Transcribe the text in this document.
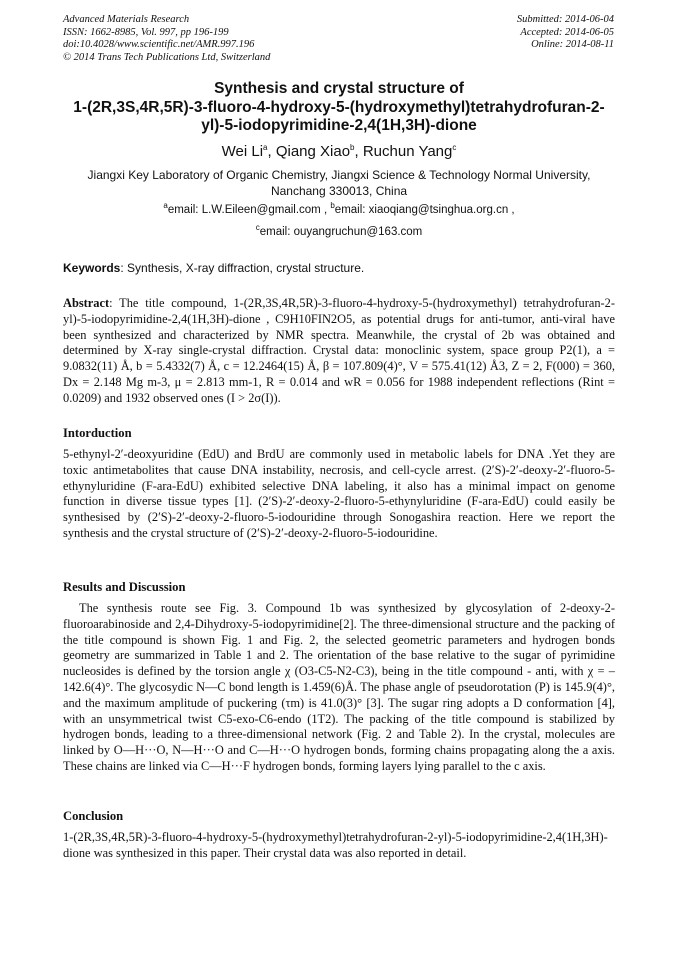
Advanced Materials Research
ISSN: 1662-8985, Vol. 997, pp 196-199
doi:10.4028/www.scientific.net/AMR.997.196
© 2014 Trans Tech Publications Ltd, Switzerland
Submitted: 2014-06-04
Accepted: 2014-06-05
Online: 2014-08-11
Synthesis and crystal structure of
1-(2R,3S,4R,5R)-3-fluoro-4-hydroxy-5-(hydroxymethyl)tetrahydrofuran-2-
yl)-5-iodopyrimidine-2,4(1H,3H)-dione
Wei Li$^a$, Qiang Xiao$^b$, Ruchun Yang$^c$
Jiangxi Key Laboratory of Organic Chemistry, Jiangxi Science & Technology Normal University, Nanchang 330013, China
$^a$email: L.W.Eileen@gmail.com , $^b$email: xiaoqiang@tsinghua.org.cn ,
$^c$email: ouyangruchun@163.com
Keywords: Synthesis, X-ray diffraction, crystal structure.

Abstract: The title compound, 1-(2R,3S,4R,5R)-3-fluoro-4-hydroxy-5-(hydroxymethyl) tetrahydrofuran-2-yl)-5-iodopyrimidine-2,4(1H,3H)-dione , C9H10FIN2O5, as potential drugs for anti-tumor, anti-viral have been synthesized and characterized by NMR spectra. Meanwhile, the crystal of 2b was obtained and determined by X-ray single-crystal diffraction. Crystal data: monoclinic system, space group P2(1), a = 9.0832(11) Å, b = 5.4332(7) Å, c = 12.2464(15) Å, β = 107.809(4)°, V = 575.41(12) Å3, Z = 2, F(000) = 360, Dx = 2.148 Mg m-3, μ = 2.813 mm-1, R = 0.014 and wR = 0.056 for 1988 independent reflections (Rint = 0.0209) and 1932 observed ones (I > 2σ(I)).

Intorduction

5-ethynyl-2′-deoxyuridine (EdU) and BrdU are commonly used in metabolic labels for DNA .Yet they are toxic antimetabolites that cause DNA instability, necrosis, and cell-cycle arrest. (2′S)-2′-deoxy-2′-fluoro-5-ethynyluridine (F-ara-EdU) exhibited selective DNA labeling, it also has a minimal impact on genome function in diverse tissue types [1]. (2′S)-2′-deoxy-2-fluoro-5-ethynyluridine (F-ara-EdU) could easily be synthesised by (2′S)-2′-deoxy-2-fluoro-5-iodouridine through Sonogashira reaction. Here we report the synthesis and the crystal structure of (2′S)-2′-deoxy-2-fluoro-5-iodouridine.

Results and Discussion

The synthesis route see Fig. 3. Compound 1b was synthesized by glycosylation of 2-deoxy-2-fluoroarabinoside and 2,4-Dihydroxy-5-iodopyrimidine[2]. The three-dimensional structure and the packing of the title compound is shown Fig. 1 and Fig. 2, the selected geometric parameters and hydrogen bonds geometry are summarized in Table 1 and 2. The orientation of the base relative to the sugar of pyrimidine nucleosides is defined by the torsion angle χ (O3-C5-N2-C3), being in the title compound - anti, with χ = –142.6(4)°. The glycosydic N—C bond length is 1.459(6)Å. The phase angle of pseudorotation (P) is 145.9(4)°, and the maximum amplitude of puckering (τm) is 41.0(3)° [3]. The sugar ring adopts a D conformation [4], with an unsymmetrical twist C5-exo-C6-endo (1T2). The packing of the title compound is stabilized by hydrogen bonds, leading to a three-dimensional network (Fig. 2 and Table 2). In the crystal, molecules are linked by O—H···O, N—H···O and C—H···O hydrogen bonds, forming chains propagating along the a axis. These chains are linked via C—H···F hydrogen bonds, forming layers lying parallel to the c axis.

Conclusion

1-(2R,3S,4R,5R)-3-fluoro-4-hydroxy-5-(hydroxymethyl)tetrahydrofuran-2-yl)-5-iodopyrimidine-2,4(1H,3H)-dione was synthesized in this paper. Their crystal data was also reported in detail.
